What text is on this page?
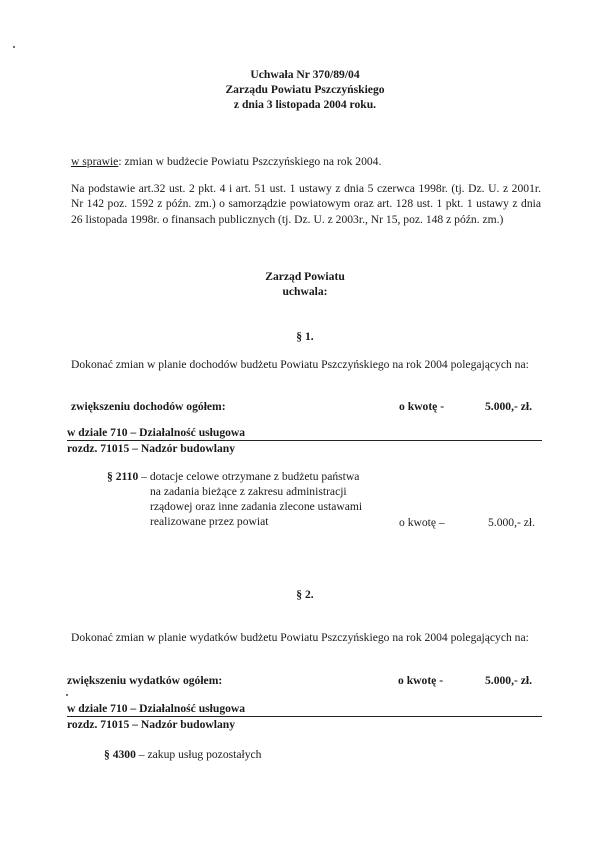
Uchwała Nr 370/89/04
Zarządu Powiatu Pszczyńskiego
z dnia 3 listopada 2004 roku.
w sprawie: zmian w budżecie Powiatu Pszczyńskiego na rok 2004.
Na podstawie art.32 ust. 2 pkt. 4 i art. 51 ust. 1 ustawy z dnia 5 czerwca 1998r. (tj. Dz. U. z 2001r. Nr 142 poz. 1592 z późn. zm.) o samorządzie powiatowym oraz art. 128 ust. 1 pkt. 1 ustawy z dnia 26 listopada 1998r. o finansach publicznych (tj. Dz. U. z 2003r., Nr 15, poz. 148 z późn. zm.)
Zarząd Powiatu
uchwala:
§ 1.
Dokonać zmian w planie dochodów budżetu Powiatu Pszczyńskiego na rok 2004 polegających na:
zwiększeniu dochodów ogółem:	o kwotę -	5.000,- zł.
w dziale 710 – Działalność usługowa
rozdz. 71015 – Nadzór budowlany
§ 2110 – dotacje celowe otrzymane z budżetu państwa
na zadania bieżące z zakresu administracji
rządowej oraz inne zadania zlecone ustawami
realizowane przez powiat	o kwotę –	5.000,- zł.
§ 2.
Dokonać zmian w planie wydatków budżetu Powiatu Pszczyńskiego na rok 2004 polegających na:
zwiększeniu wydatków ogółem:	o kwotę -	5.000,- zł.
w dziale 710 – Działalność usługowa
rozdz. 71015 – Nadzór budowlany
§ 4300 – zakup usług pozostałych
